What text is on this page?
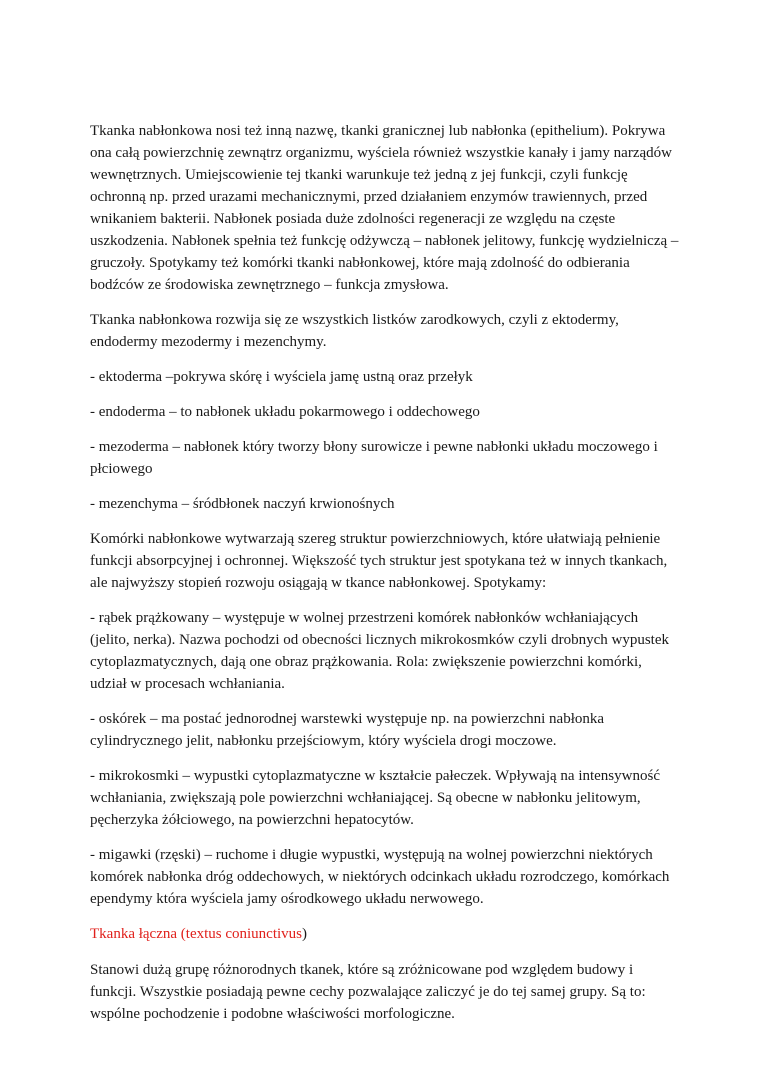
Tkanka nabłonkowa nosi też inną nazwę, tkanki granicznej lub nabłonka (epithelium). Pokrywa ona całą powierzchnię zewnątrz organizmu, wyściela również wszystkie kanały i jamy narządów wewnętrznych. Umiejscowienie tej tkanki warunkuje też jedną z jej funkcji, czyli funkcję ochronną np. przed urazami mechanicznymi, przed działaniem enzymów trawiennych, przed wnikaniem bakterii. Nabłonek posiada duże zdolności regeneracji ze względu na częste uszkodzenia. Nabłonek spełnia też funkcję odżywczą – nabłonek jelitowy, funkcję wydzielniczą – gruczoły. Spotykamy też komórki tkanki nabłonkowej, które mają zdolność do odbierania bodźców ze środowiska zewnętrznego – funkcja zmysłowa.

Tkanka nabłonkowa rozwija się ze wszystkich listków zarodkowych, czyli z ektodermy, endodermy mezodermy i mezenchymy.

- ektoderma –pokrywa skórę i wyściela jamę ustną oraz przełyk

- endoderma – to nabłonek układu pokarmowego i oddechowego

- mezoderma – nabłonek który tworzy błony surowicze i pewne nabłonki układu moczowego i płciowego

- mezenchyma – śródbłonek naczyń krwionośnych

Komórki nabłonkowe wytwarzają szereg struktur powierzchniowych, które ułatwiają pełnienie funkcji absorpcyjnej i ochronnej. Większość tych struktur jest spotykana też w innych tkankach, ale najwyższy stopień rozwoju osiągają w tkance nabłonkowej. Spotykamy:

- rąbek prążkowany – występuje w wolnej przestrzeni komórek nabłonków wchłaniających (jelito, nerka). Nazwa pochodzi od obecności licznych mikrokosmków czyli drobnych wypustek cytoplazmatycznych, dają one obraz prążkowania. Rola: zwiększenie powierzchni komórki, udział w procesach wchłaniania.

- oskórek – ma postać jednorodnej warstewki występuje np. na powierzchni nabłonka cylindrycznego jelit, nabłonku przejściowym, który wyściela drogi moczowe.

- mikrokosmki – wypustki cytoplazmatyczne w kształcie pałeczek. Wpływają na intensywność wchłaniania, zwiększają pole powierzchni wchłaniającej. Są obecne w nabłonku jelitowym, pęcherzyka żółciowego, na powierzchni hepatocytów.

- migawki (rzęski) – ruchome i długie wypustki, występują na wolnej powierzchni niektórych komórek nabłonka dróg oddechowych, w niektórych odcinkach układu rozrodczego, komórkach ependymy która wyściela jamy ośrodkowego układu nerwowego.

Tkanka łączna (textus coniunctivus)

Stanowi dużą grupę różnorodnych tkanek, które są zróżnicowane pod względem budowy i funkcji. Wszystkie posiadają pewne cechy pozwalające zaliczyć je do tej samej grupy. Są to: wspólne pochodzenie i podobne właściwości morfologiczne.
